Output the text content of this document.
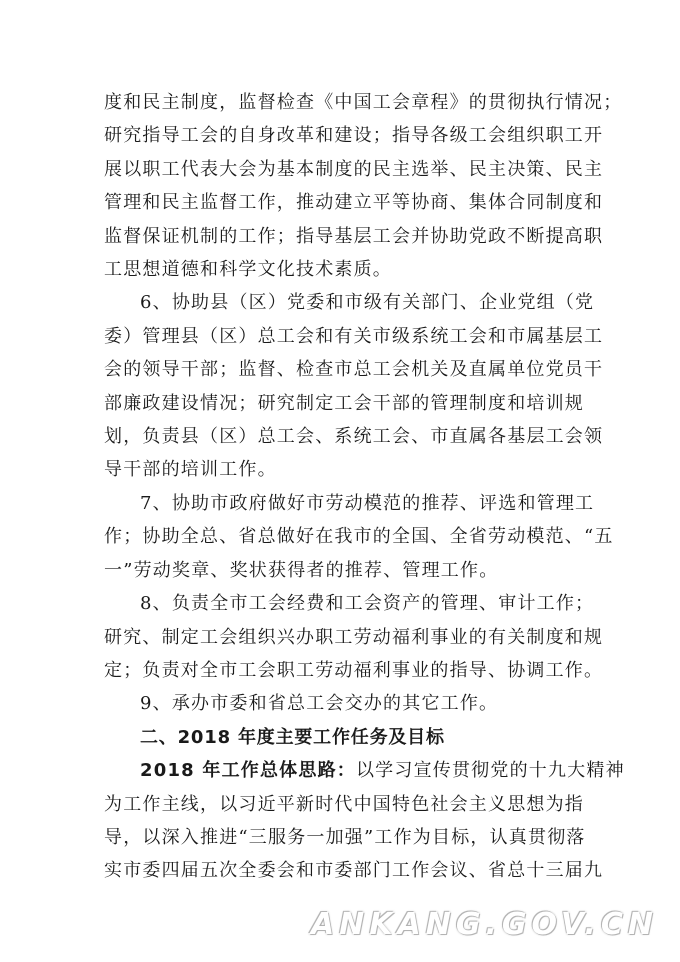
度和民主制度，监督检查《中国工会章程》的贯彻执行情况；
研究指导工会的自身改革和建设；指导各级工会组织职工开
展以职工代表大会为基本制度的民主选举、民主决策、民主
管理和民主监督工作，推动建立平等协商、集体合同制度和
监督保证机制的工作；指导基层工会并协助党政不断提高职
工思想道德和科学文化技术素质。

6、协助县（区）党委和市级有关部门、企业党组（党
委）管理县（区）总工会和有关市级系统工会和市属基层工
会的领导干部；监督、检查市总工会机关及直属单位党员干
部廉政建设情况；研究制定工会干部的管理制度和培训规
划，负责县（区）总工会、系统工会、市直属各基层工会领
导干部的培训工作。

7、协助市政府做好市劳动模范的推荐、评选和管理工
作；协助全总、省总做好在我市的全国、全省劳动模范、“五
一”劳动奖章、奖状获得者的推荐、管理工作。

8、负责全市工会经费和工会资产的管理、审计工作；
研究、制定工会组织兴办职工劳动福利事业的有关制度和规
定；负责对全市工会职工劳动福利事业的指导、协调工作。

9、承办市委和省总工会交办的其它工作。

二、2018 年度主要工作任务及目标

2018 年工作总体思路：以学习宣传贯彻党的十九大精神
为工作主线，以习近平新时代中国特色社会主义思想为指
导，以深入推进“三服务一加强”工作为目标，认真贯彻落
实市委四届五次全委会和市委部门工作会议、省总十三届九

ANKANG.GOV.CN
